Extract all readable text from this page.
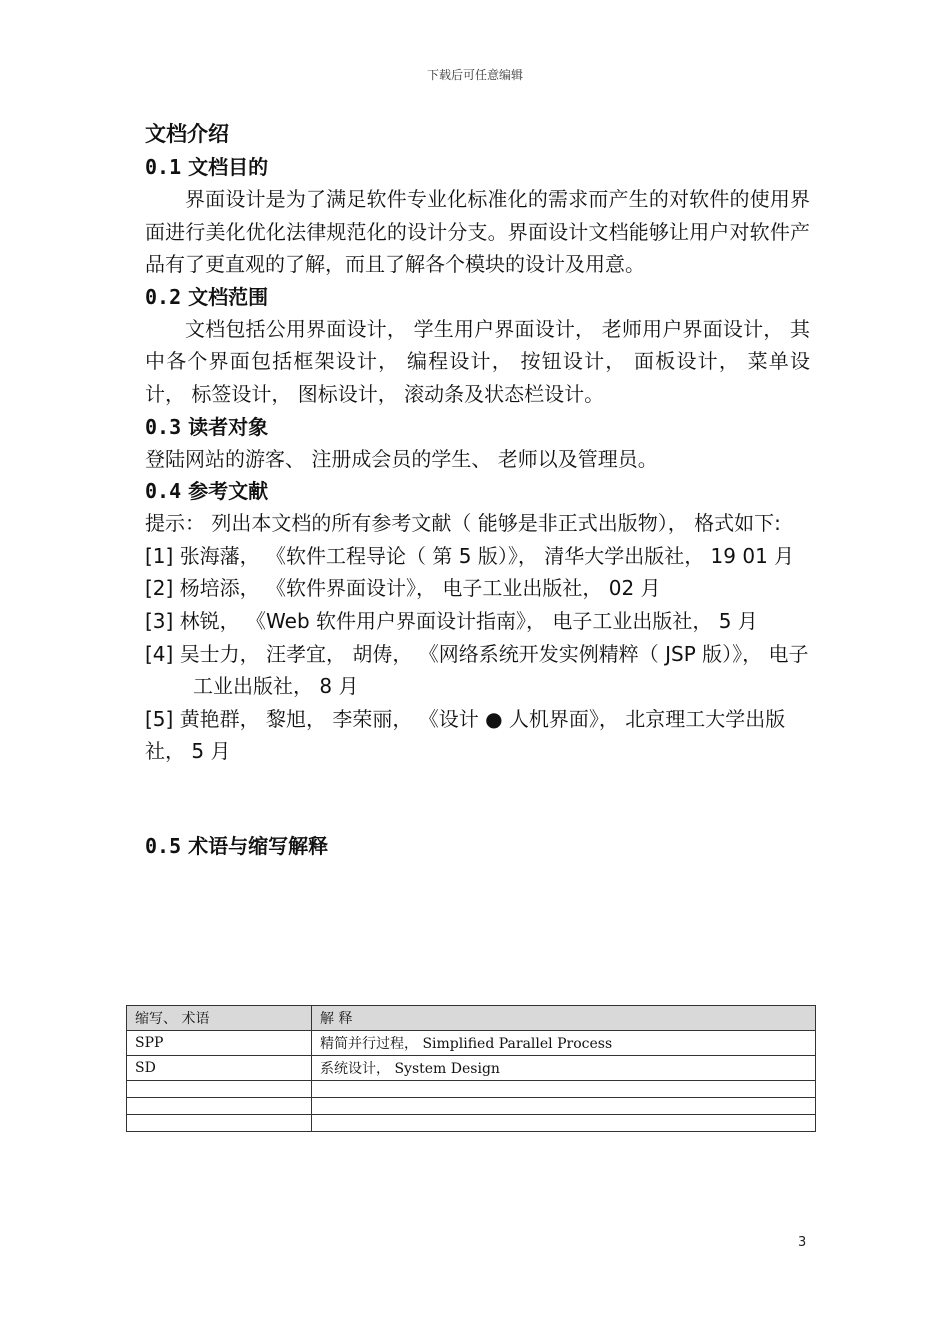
下载后可任意编辑
文档介绍
0.1 文档目的

界面设计是为了满足软件专业化标准化的需求而产生的对软件的使用界面进行美化优化法律规范化的设计分支。界面设计文档能够让用户对软件产品有了更直观的了解，而且了解各个模块的设计及用意。

0.2 文档范围

文档包括公用界面设计， 学生用户界面设计， 老师用户界面设计， 其中各个界面包括框架设计， 编程设计， 按钮设计， 面板设计， 菜单设计， 标签设计， 图标设计， 滚动条及状态栏设计。

0.3 读者对象

登陆网站的游客、 注册成会员的学生、 老师以及管理员。

0.4 参考文献

提示： 列出本文档的所有参考文献（ 能够是非正式出版物）， 格式如下:

[1] 张海藩， 《软件工程导论（ 第 5 版）》， 清华大学出版社， 19 01 月
[2] 杨培添， 《软件界面设计》， 电子工业出版社， 02 月
[3] 林锐， 《Web 软件用户界面设计指南》， 电子工业出版社， 5 月
[4] 吴士力， 汪孝宜， 胡俦， 《网络系统开发实例精粹（ JSP 版）》， 电子工业出版社， 8 月
[5] 黄艳群， 黎旭， 李荣丽， 《设计 ● 人机界面》， 北京理工大学出版社， 5 月
0.5 术语与缩写解释
缩写、 术语	解 释
SPP	精简并行过程， Simplified Parallel Process
SD	系统设计， System Design

3
